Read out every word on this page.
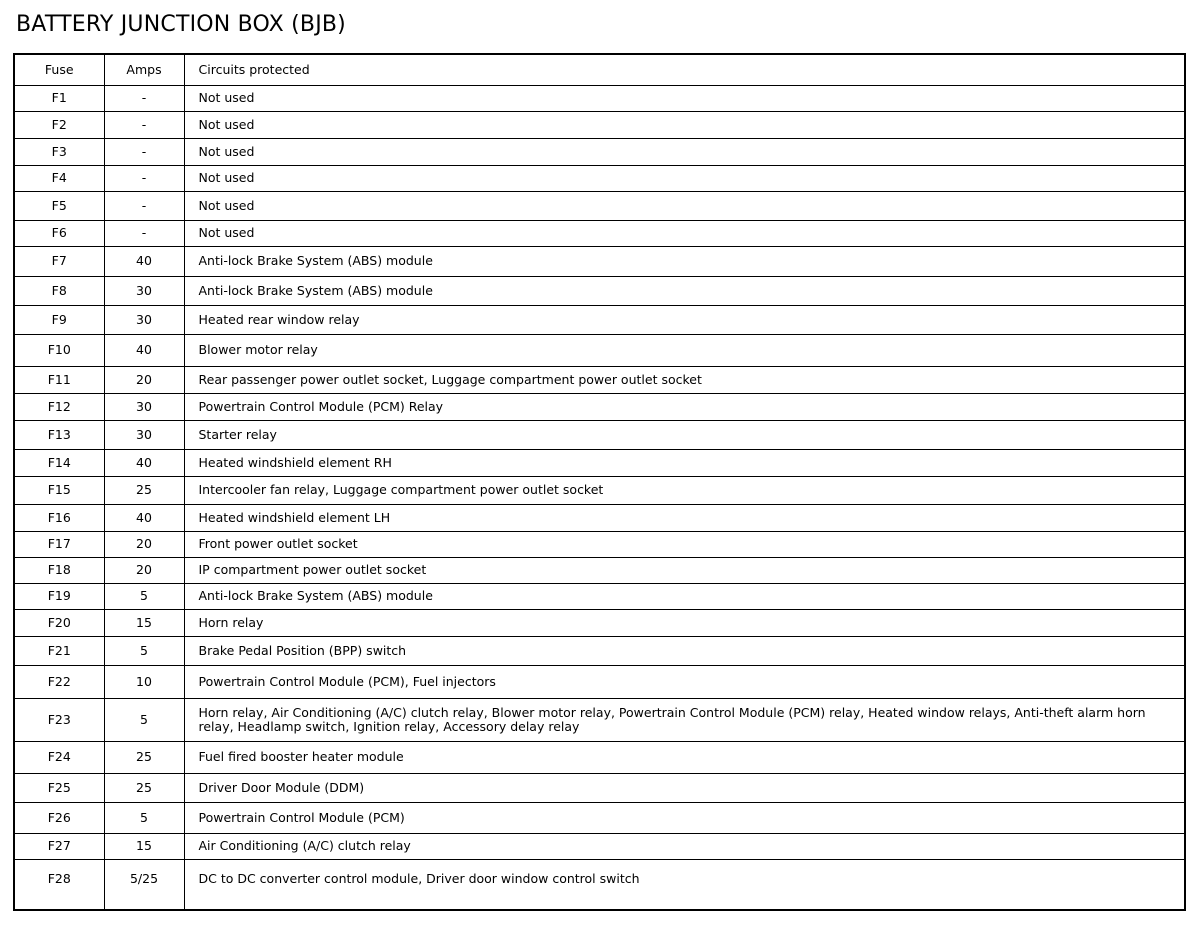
BATTERY JUNCTION BOX (BJB)
Fuse	Amps	Circuits protected
F1	-	Not used
F2	-	Not used
F3	-	Not used
F4	-	Not used
F5	-	Not used
F6	-	Not used
F7	40	Anti-lock Brake System (ABS) module
F8	30	Anti-lock Brake System (ABS) module
F9	30	Heated rear window relay
F10	40	Blower motor relay
F11	20	Rear passenger power outlet socket, Luggage compartment power outlet socket
F12	30	Powertrain Control Module (PCM) Relay
F13	30	Starter relay
F14	40	Heated windshield element RH
F15	25	Intercooler fan relay, Luggage compartment power outlet socket
F16	40	Heated windshield element LH
F17	20	Front power outlet socket
F18	20	IP compartment power outlet socket
F19	5	Anti-lock Brake System (ABS) module
F20	15	Horn relay
F21	5	Brake Pedal Position (BPP) switch
F22	10	Powertrain Control Module (PCM), Fuel injectors
F23	5	Horn relay, Air Conditioning (A/C) clutch relay, Blower motor relay, Powertrain Control Module (PCM) relay, Heated window relays, Anti-theft alarm horn relay, Headlamp switch, Ignition relay, Accessory delay relay
F24	25	Fuel fired booster heater module
F25	25	Driver Door Module (DDM)
F26	5	Powertrain Control Module (PCM)
F27	15	Air Conditioning (A/C) clutch relay
F28	5/25	DC to DC converter control module, Driver door window control switch
